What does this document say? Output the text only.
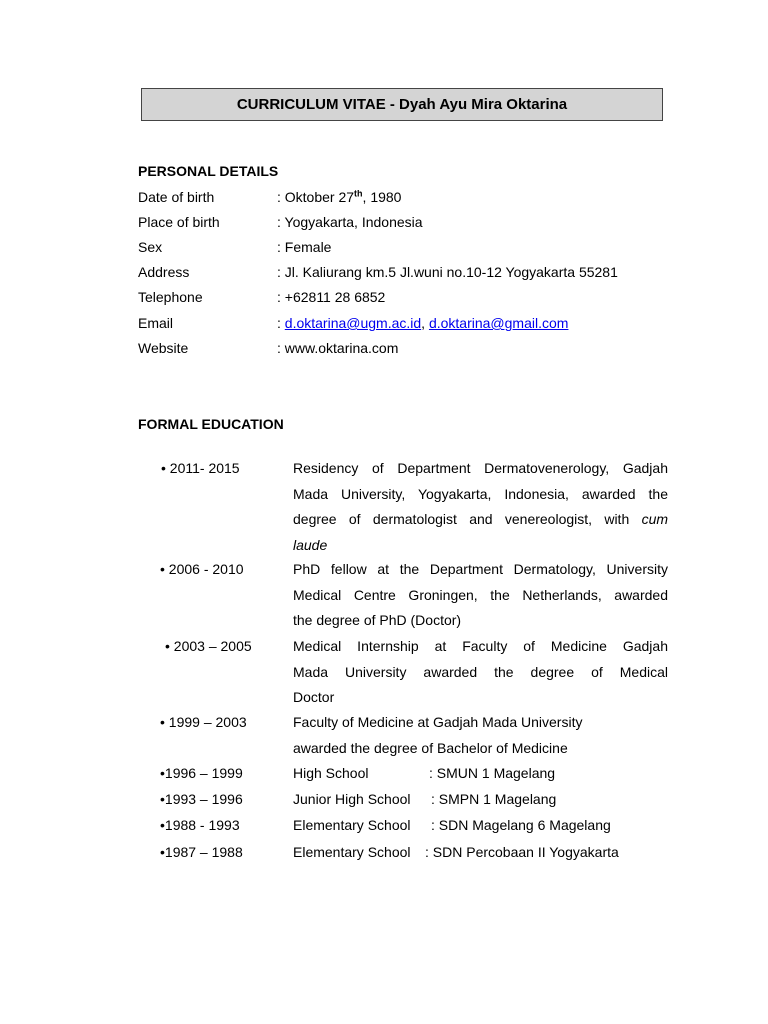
CURRICULUM VITAE - Dyah Ayu Mira Oktarina
PERSONAL DETAILS
Date of birth	: Oktober 27th, 1980
Place of birth	: Yogyakarta, Indonesia
Sex	: Female
Address	: Jl. Kaliurang km.5 Jl.wuni no.10-12 Yogyakarta 55281
Telephone	: +62811 28 6852
Email	: d.oktarina@ugm.ac.id, d.oktarina@gmail.com
Website	: www.oktarina.com
FORMAL EDUCATION
• 2011- 2015	Residency of Department Dermatovenerology, Gadjah
Mada University, Yogyakarta, Indonesia, awarded the
degree of dermatologist and venereologist, with cum
laude
• 2006 - 2010	PhD fellow at the Department Dermatology, University
Medical Centre Groningen, the Netherlands, awarded
the degree of PhD (Doctor)
• 2003 – 2005	Medical Internship at Faculty of Medicine Gadjah
Mada University awarded the degree of Medical
Doctor
• 1999 – 2003	Faculty of Medicine at Gadjah Mada University
awarded the degree of Bachelor of Medicine
•1996 – 1999	High School	: SMUN 1 Magelang
•1993 – 1996	Junior High School : SMPN 1 Magelang
•1988 - 1993	Elementary School : SDN Magelang 6 Magelang
•1987 – 1988	Elementary School : SDN Percobaan II Yogyakarta
